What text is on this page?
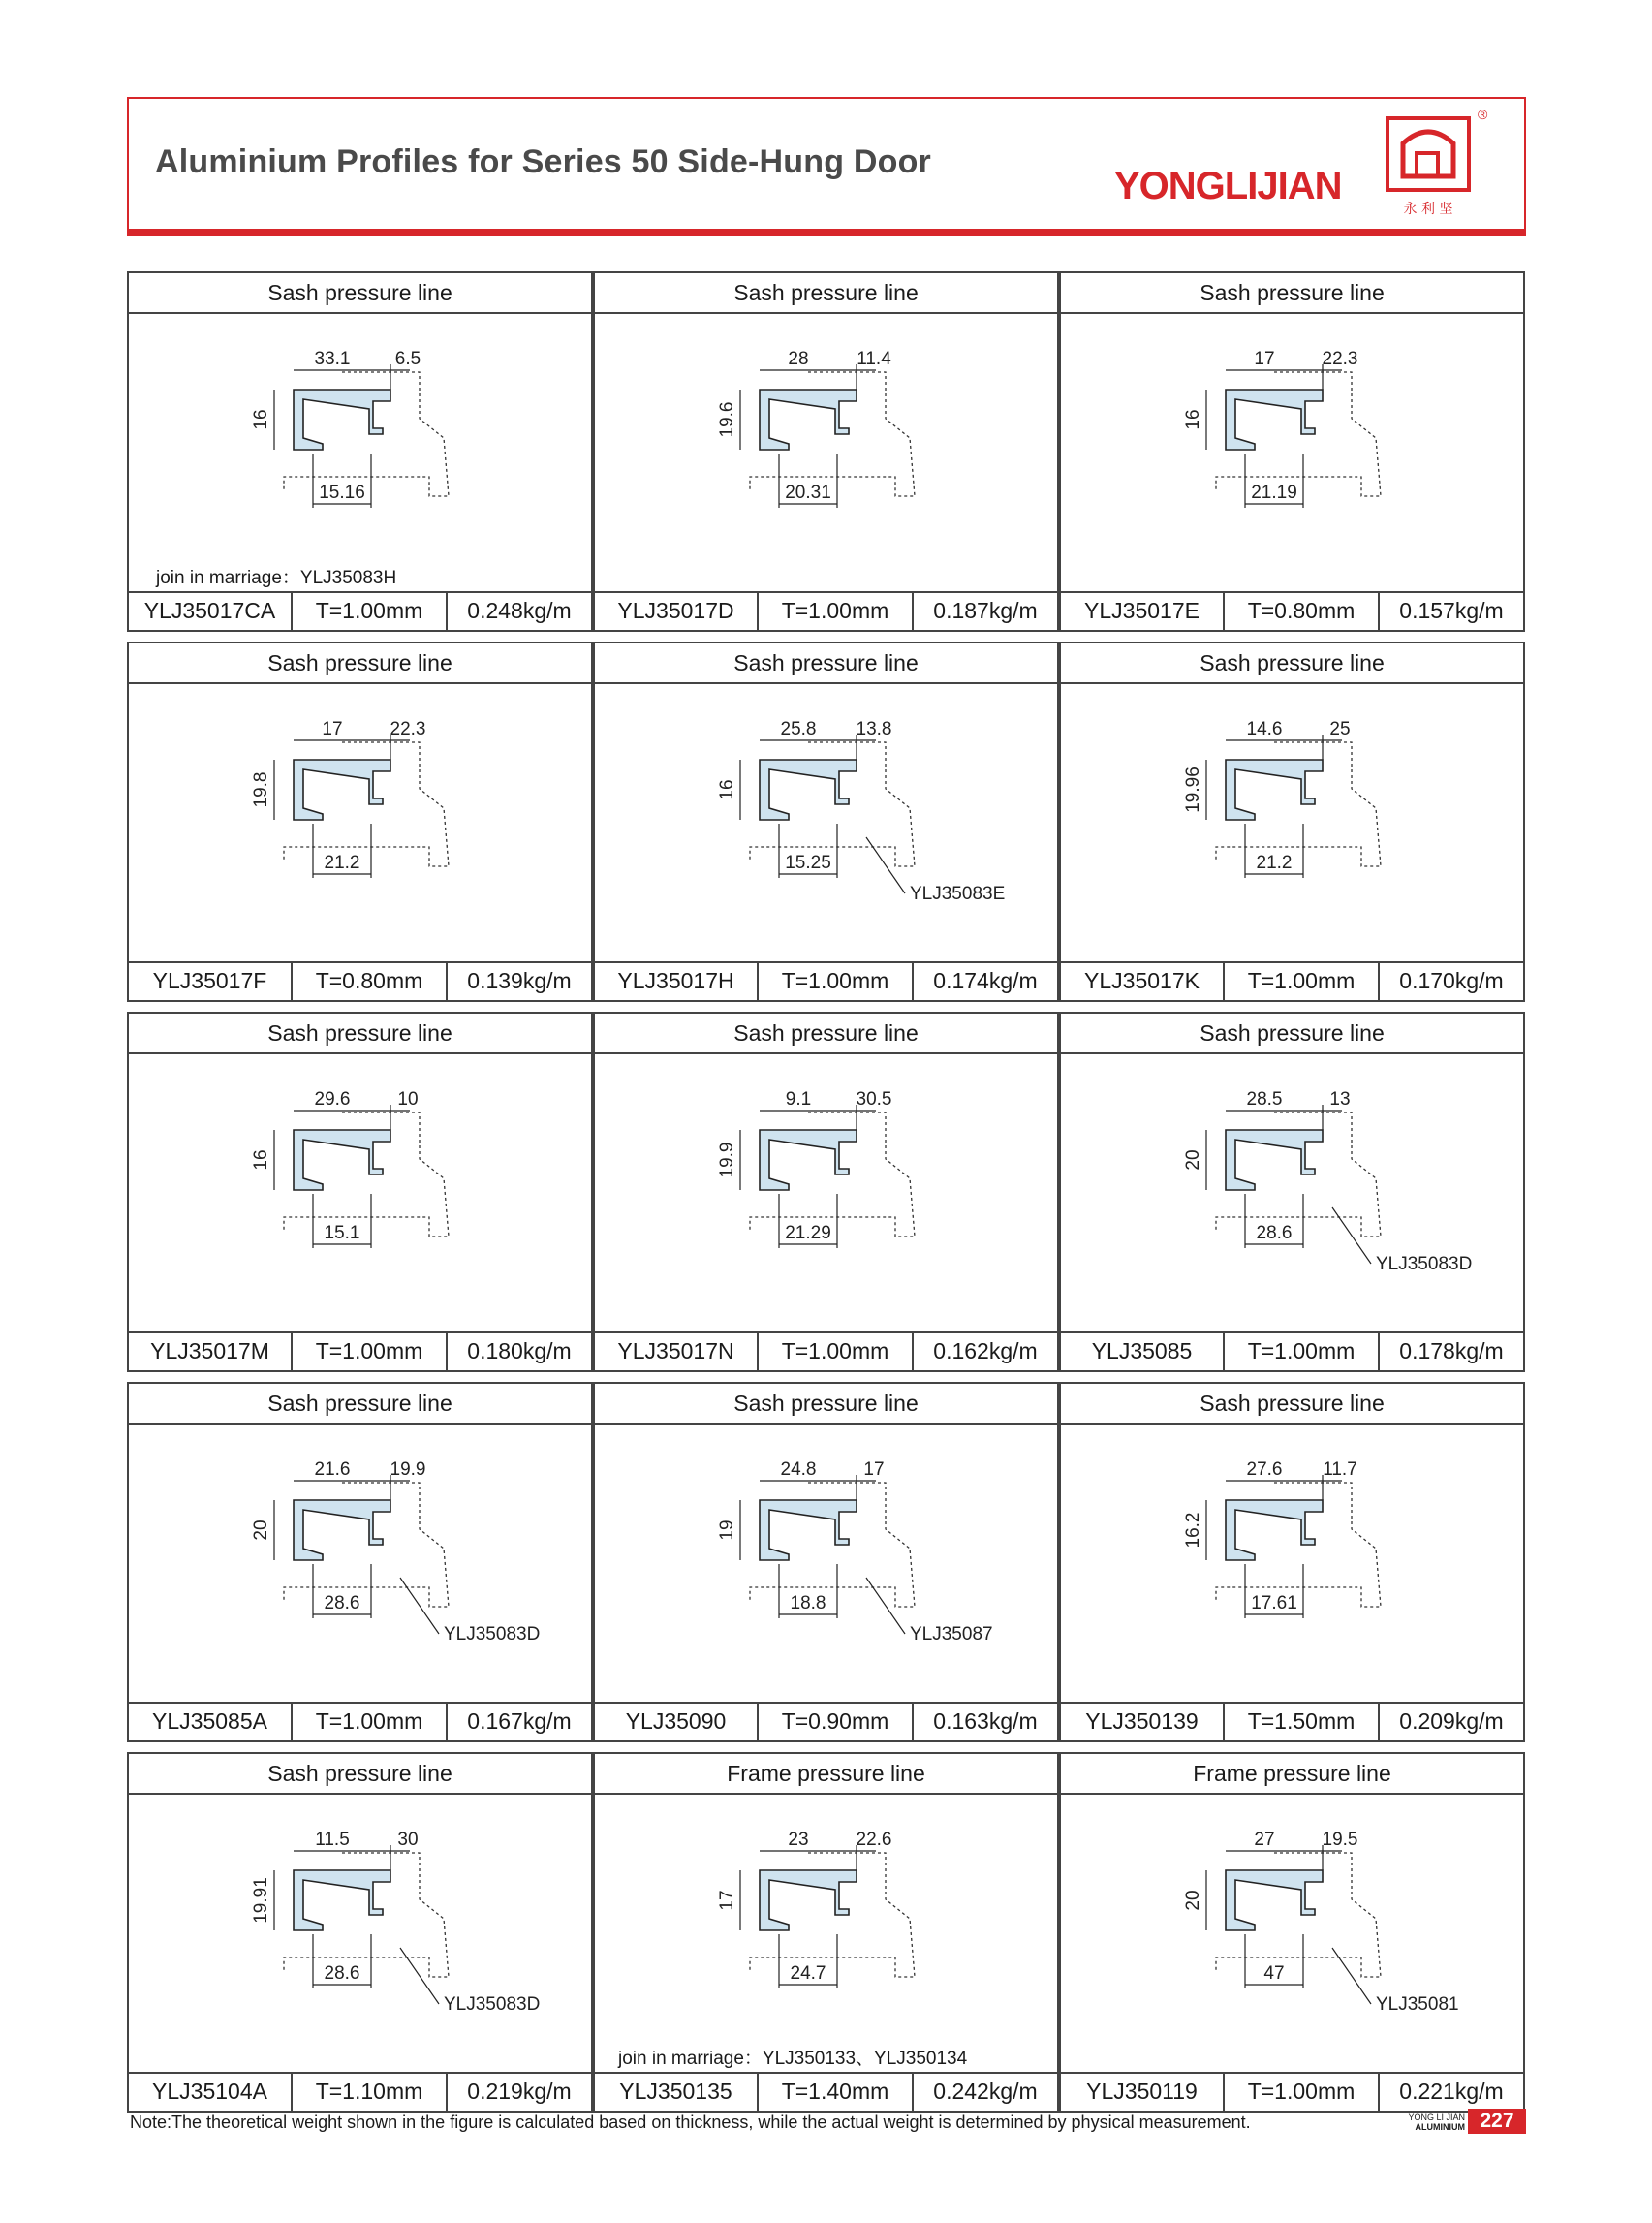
Aluminium Profiles for Series 50 Side-Hung Door
YONGLIJIAN
永 利 坚
®
Sash pressure line
33.1 6.5
16
15.16
join in marriage：YLJ35083H
YLJ35017CA	T=1.00mm	0.248kg/m
Sash pressure line
28	11.4
19.6
20.31
YLJ35017D	T=1.00mm	0.187kg/m
Sash pressure line
17	22.3
16
21.19
YLJ35017E	T=0.80mm	0.157kg/m
Sash pressure line
17	22.3
19.8
21.2
YLJ35017F	T=0.80mm	0.139kg/m
Sash pressure line
25.8 13.8
16
15.25
YLJ35083E
YLJ35017H	T=1.00mm	0.174kg/m
Sash pressure line
14.6	25
19.96
21.2
YLJ35017K	T=1.00mm	0.170kg/m
Sash pressure line
29.6	10
16
15.1
YLJ35017M	T=1.00mm	0.180kg/m
Sash pressure line
9.1 30.5
19.9
21.29
YLJ35017N	T=1.00mm	0.162kg/m
Sash pressure line
28.5	13
20
28.6
YLJ35083D
YLJ35085	T=1.00mm	0.178kg/m
Sash pressure line
21.6 19.9
20
28.6
YLJ35083D
YLJ35085A	T=1.00mm	0.167kg/m
Sash pressure line
24.8	17
19
18.8
YLJ35087
YLJ35090	T=0.90mm	0.163kg/m
Sash pressure line
27.6 11.7
16.2
17.61
YLJ350139	T=1.50mm	0.209kg/m
Sash pressure line
11.5	30
19.91
28.6
YLJ35083D
YLJ35104A	T=1.10mm	0.219kg/m
Frame pressure line
23	22.6
17
24.7
join in marriage：YLJ350133、YLJ350134
YLJ350135	T=1.40mm	0.242kg/m
Frame pressure line
27	19.5
20
47
YLJ35081
YLJ350119	T=1.00mm	0.221kg/m
Note:The theoretical weight shown in the figure is calculated based on thickness, while the actual weight is determined by physical measurement.	YONG LI JIAN
ALUMINIUM 227
